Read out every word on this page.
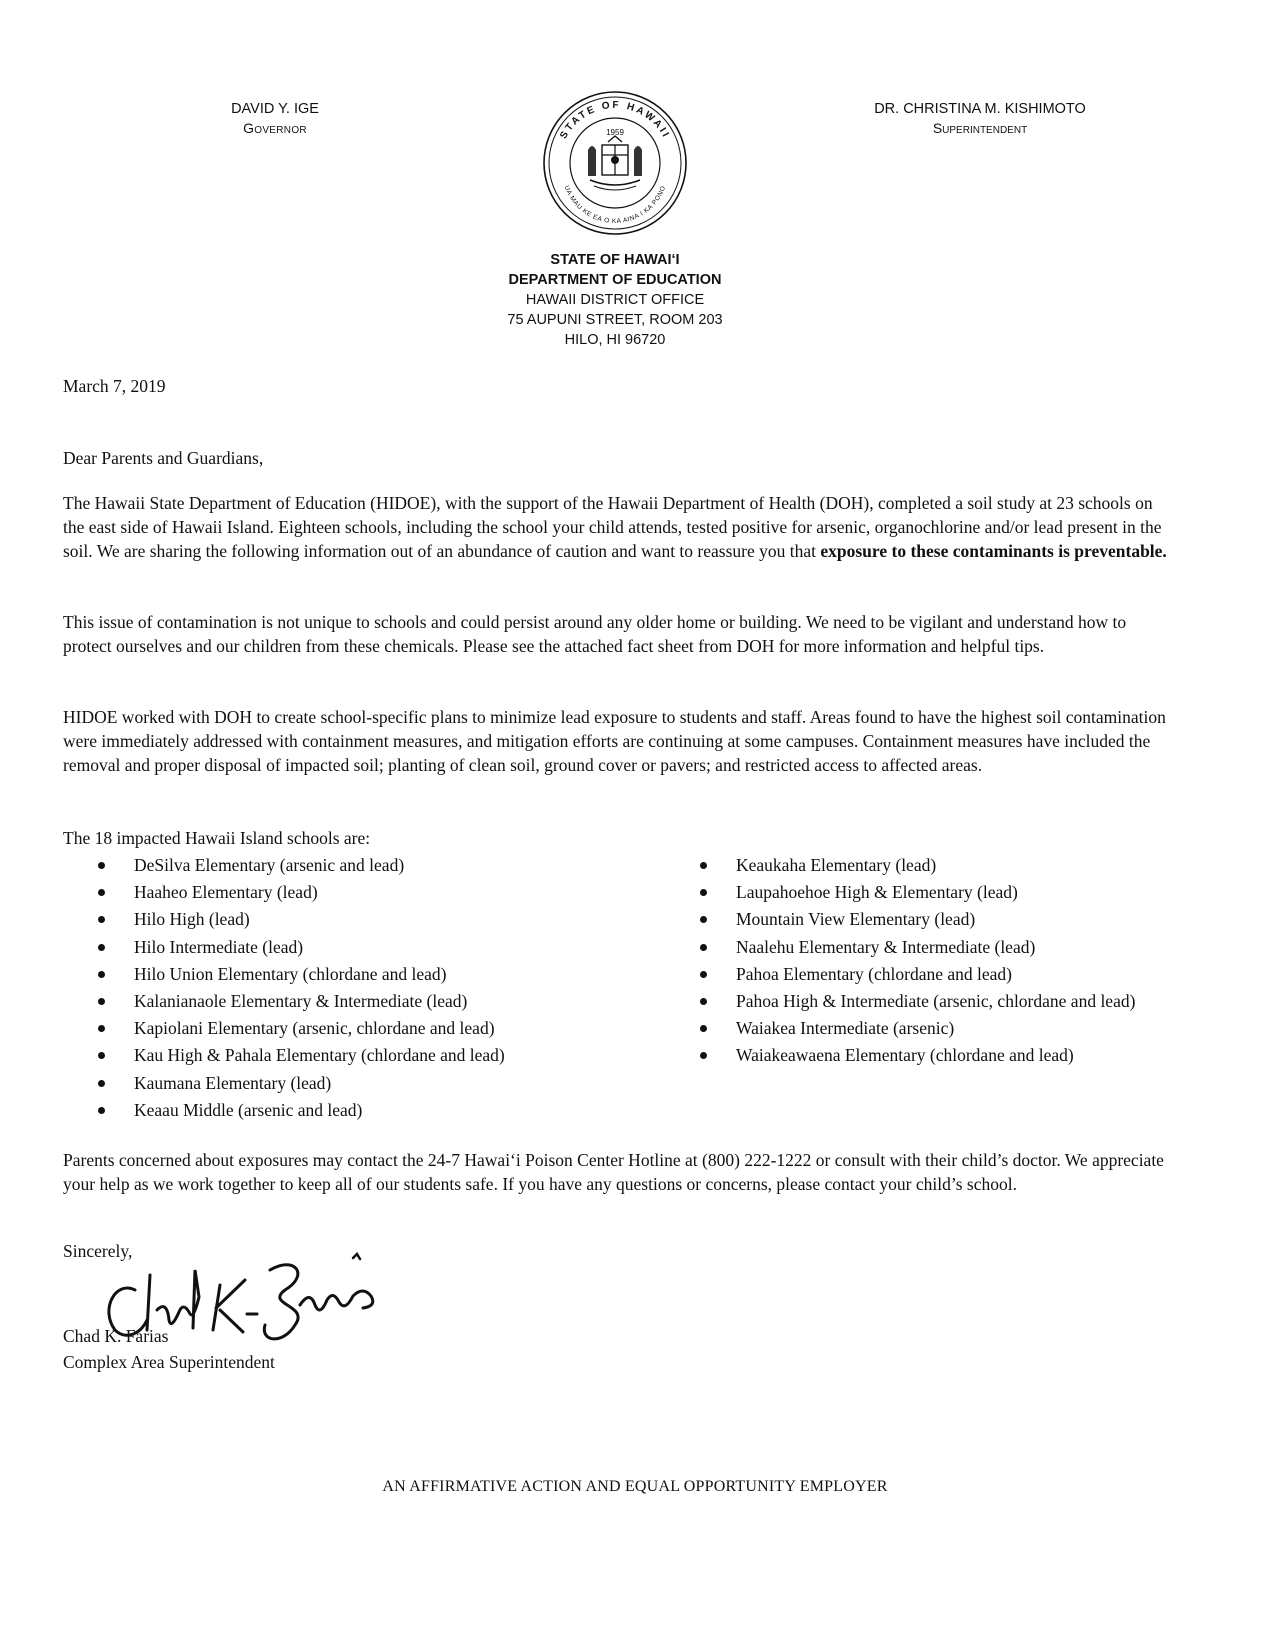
DAVID Y. IGE
Governor	STATE OF HAWAII
UA MAU KE EA O KA AINA I KA PONO
1959
DR. CHRISTINA M. KISHIMOTO
Superintendent
STATE OF HAWAI‘I
DEPARTMENT OF EDUCATION
HAWAII DISTRICT OFFICE
75 AUPUNI STREET, ROOM 203
HILO, HI 96720

March 7, 2019

Dear Parents and Guardians,

The Hawaii State Department of Education (HIDOE), with the support of the Hawaii Department of Health (DOH), completed a soil study at 23 schools on the east side of Hawaii Island. Eighteen schools, including the school your child attends, tested positive for arsenic, organochlorine and/or lead present in the soil. We are sharing the following information out of an abundance of caution and want to reassure you that exposure to these contaminants is preventable.

This issue of contamination is not unique to schools and could persist around any older home or building. We need to be vigilant and understand how to protect ourselves and our children from these chemicals. Please see the attached fact sheet from DOH for more information and helpful tips.

HIDOE worked with DOH to create school-specific plans to minimize lead exposure to students and staff. Areas found to have the highest soil contamination were immediately addressed with containment measures, and mitigation efforts are continuing at some campuses. Containment measures have included the removal and proper disposal of impacted soil; planting of clean soil, ground cover or pavers; and restricted access to affected areas.

The 18 impacted Hawaii Island schools are:

DeSilva Elementary (arsenic and lead)
Haaheo Elementary (lead)
Hilo High (lead)
Hilo Intermediate (lead)
Hilo Union Elementary (chlordane and lead)
Kalanianaole Elementary & Intermediate (lead)
Kapiolani Elementary (arsenic, chlordane and lead)
Kau High & Pahala Elementary (chlordane and lead)
Kaumana Elementary (lead)
Keaau Middle (arsenic and lead)
Keaukaha Elementary (lead)
Laupahoehoe High & Elementary (lead)
Mountain View Elementary (lead)
Naalehu Elementary & Intermediate (lead)
Pahoa Elementary (chlordane and lead)
Pahoa High & Intermediate (arsenic, chlordane and lead)
Waiakea Intermediate (arsenic)
Waiakeawaena Elementary (chlordane and lead)

Parents concerned about exposures may contact the 24-7 Hawai‘i Poison Center Hotline at (800) 222-1222 or consult with their child’s doctor. We appreciate your help as we work together to keep all of our students safe. If you have any questions or concerns, please contact your child’s school.

Sincerely,

Chad K. Farias

Complex Area Superintendent

AN AFFIRMATIVE ACTION AND EQUAL OPPORTUNITY EMPLOYER
